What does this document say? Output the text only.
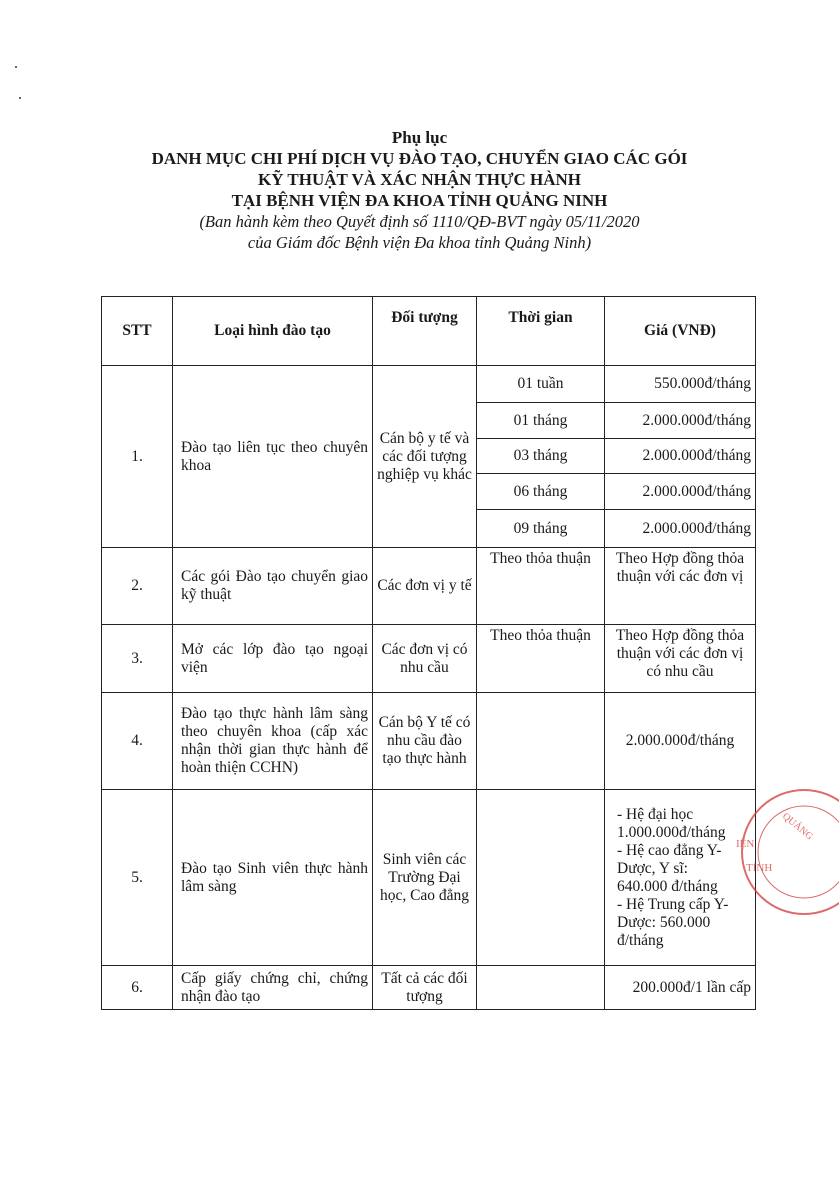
Phụ lục
DANH MỤC CHI PHÍ DỊCH VỤ ĐÀO TẠO, CHUYỂN GIAO CÁC GÓI
KỸ THUẬT VÀ XÁC NHẬN THỰC HÀNH
TẠI BỆNH VIỆN ĐA KHOA TỈNH QUẢNG NINH
(Ban hành kèm theo Quyết định số 1110/QĐ-BVT ngày 05/11/2020
của Giám đốc Bệnh viện Đa khoa tỉnh Quảng Ninh)
STT	Loại hình đào tạo	Đối tượng	Thời gian	Giá (VNĐ)
1.	Đào tạo liên tục theo chuyên khoa	Cán bộ y tế và các đối tượng nghiệp vụ khác	01 tuần	550.000đ/tháng
			01 tháng	2.000.000đ/tháng
			03 tháng	2.000.000đ/tháng
			06 tháng	2.000.000đ/tháng
			09 tháng	2.000.000đ/tháng
2.	Các gói Đào tạo chuyển giao kỹ thuật	Các đơn vị y tế	Theo thỏa thuận	Theo Hợp đồng thỏa thuận với các đơn vị
3.	Mở các lớp đào tạo ngoại viện	Các đơn vị có nhu cầu	Theo thỏa thuận	Theo Hợp đồng thỏa thuận với các đơn vị có nhu cầu
4.	Đào tạo thực hành lâm sàng theo chuyên khoa (cấp xác nhận thời gian thực hành để hoàn thiện CCHN)	Cán bộ Y tế có nhu cầu đào tạo thực hành		2.000.000đ/tháng
5.	Đào tạo Sinh viên thực hành lâm sàng	Sinh viên các Trường Đại học, Cao đẳng		- Hệ đại học
1.000.000đ/tháng
- Hệ cao đẳng Y-Dược, Y sĩ:
640.000 đ/tháng
- Hệ Trung cấp Y-Dược: 560.000 đ/tháng
6.	Cấp giấy chứng chỉ, chứng nhận đào tạo	Tất cả các đối tượng		200.000đ/1 lần cấp
QUẢNG
IỆN
TỈNH
